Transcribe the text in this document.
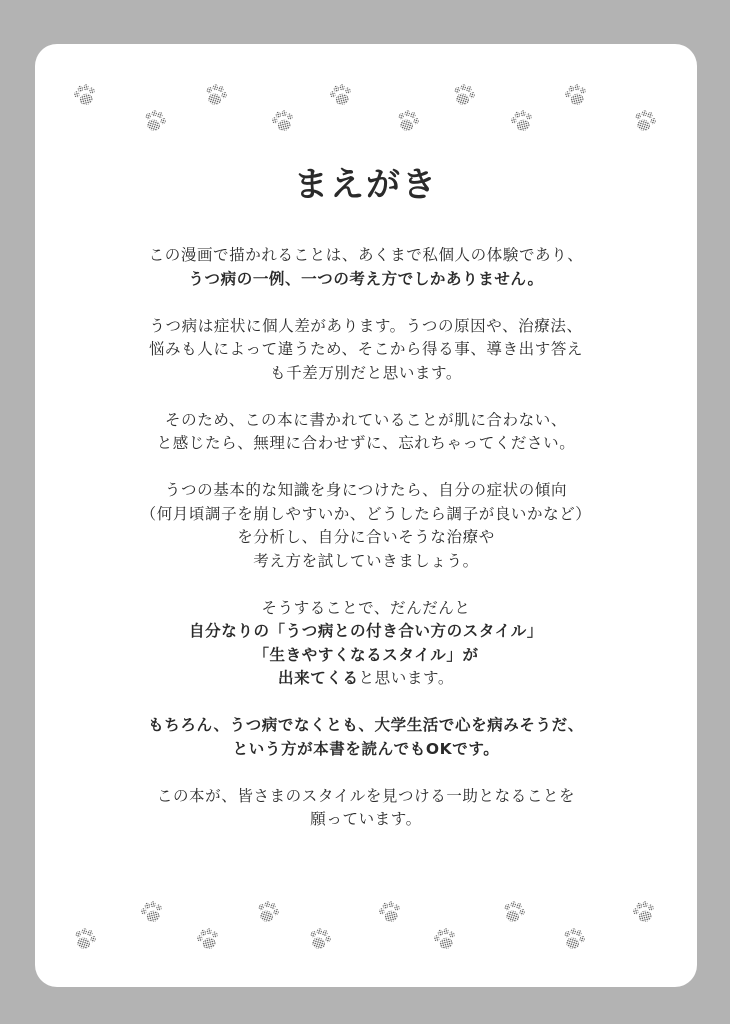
まえがき

この漫画で描かれることは、あくまで私個人の体験であり、
うつ病の一例、一つの考え方でしかありません。

うつ病は症状に個人差があります。うつの原因や、治療法、
悩みも人によって違うため、そこから得る事、導き出す答え
も千差万別だと思います。

そのため、この本に書かれていることが肌に合わない、
と感じたら、無理に合わせずに、忘れちゃってください。

うつの基本的な知識を身につけたら、自分の症状の傾向
（何月頃調子を崩しやすいか、どうしたら調子が良いかなど）
を分析し、自分に合いそうな治療や
考え方を試していきましょう。

そうすることで、だんだんと
自分なりの「うつ病との付き合い方のスタイル」
「生きやすくなるスタイル」が
出来てくると思います。

もちろん、うつ病でなくとも、大学生活で心を病みそうだ、
という方が本書を読んでもOKです。

この本が、皆さまのスタイルを見つける一助となることを
願っています。
